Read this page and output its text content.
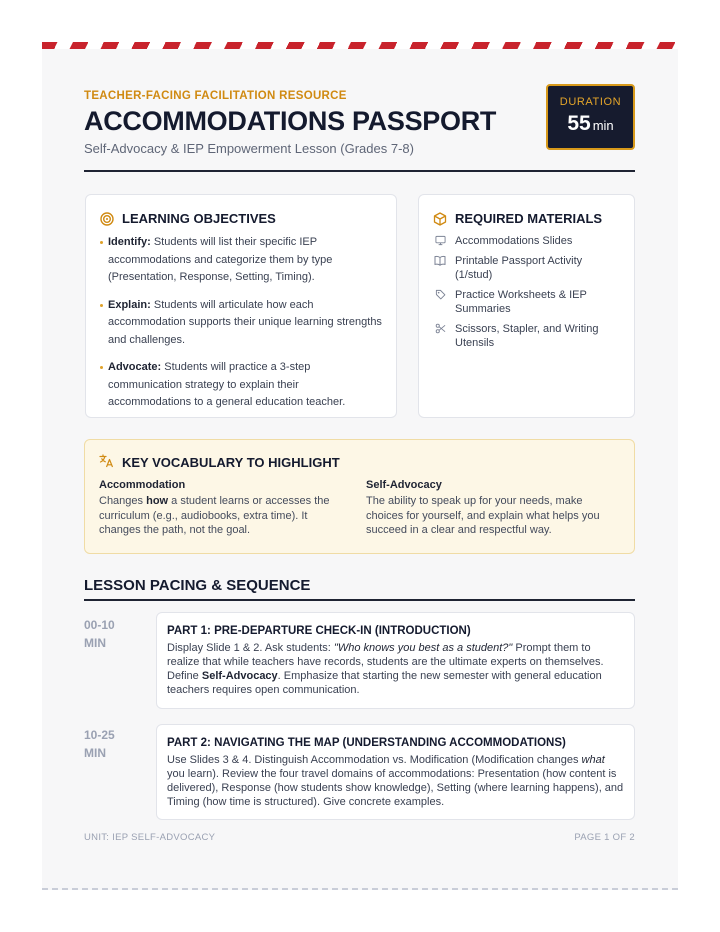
TEACHER-FACING FACILITATION RESOURCE
ACCOMMODATIONS PASSPORT
Self-Advocacy & IEP Empowerment Lesson (Grades 7-8)
DURATION
55 min
LEARNING OBJECTIVES
Identify: Students will list their specific IEP accommodations and categorize them by type (Presentation, Response, Setting, Timing).
Explain: Students will articulate how each accommodation supports their unique learning strengths and challenges.
Advocate: Students will practice a 3-step communication strategy to explain their accommodations to a general education teacher.
REQUIRED MATERIALS
Accommodations Slides
Printable Passport Activity (1/stud)
Practice Worksheets & IEP Summaries
Scissors, Stapler, and Writing Utensils
KEY VOCABULARY TO HIGHLIGHT
Accommodation
Changes how a student learns or accesses the curriculum (e.g., audiobooks, extra time). It changes the path, not the goal.
Self-Advocacy
The ability to speak up for your needs, make choices for yourself, and explain what helps you succeed in a clear and respectful way.
LESSON PACING & SEQUENCE
00-10
MIN
PART 1: PRE-DEPARTURE CHECK-IN (INTRODUCTION)
Display Slide 1 & 2. Ask students: "Who knows you best as a student?" Prompt them to realize that while teachers have records, students are the ultimate experts on themselves. Define Self-Advocacy. Emphasize that starting the new semester with general education teachers requires open communication.
10-25
MIN
PART 2: NAVIGATING THE MAP (UNDERSTANDING ACCOMMODATIONS)
Use Slides 3 & 4. Distinguish Accommodation vs. Modification (Modification changes what you learn). Review the four travel domains of accommodations: Presentation (how content is delivered), Response (how students show knowledge), Setting (where learning happens), and Timing (how time is structured). Give concrete examples.
UNIT: IEP SELF-ADVOCACY	PAGE 1 OF 2
